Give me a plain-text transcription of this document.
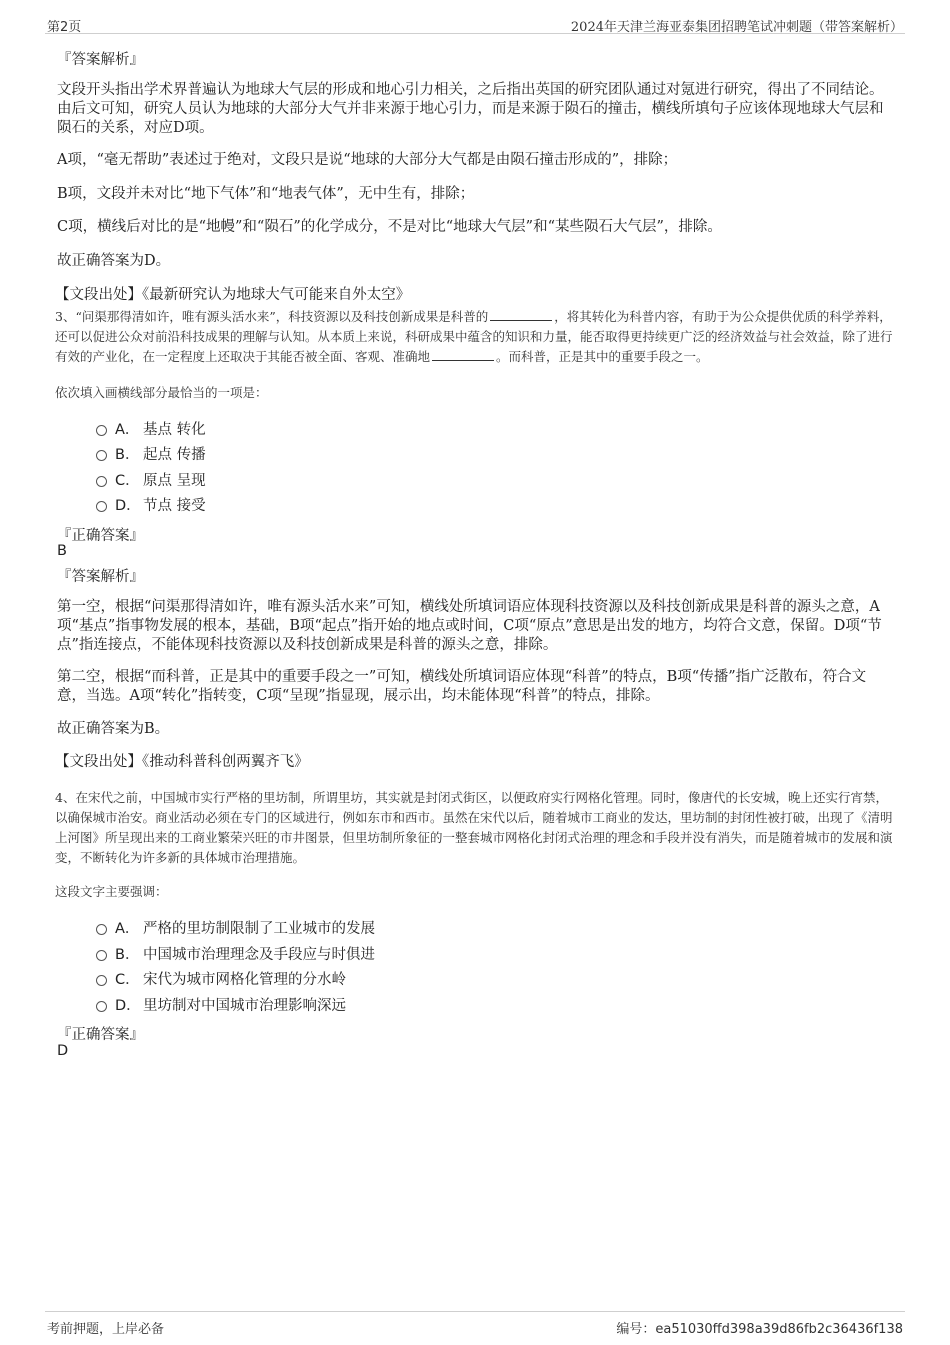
第2页	2024年天津兰海亚泰集团招聘笔试冲刺题（带答案解析）
『答案解析』
文段开头指出学术界普遍认为地球大气层的形成和地心引力相关，之后指出英国的研究团队通过对氪进行研究，得出了不同结论。由后文可知，研究人员认为地球的大部分大气并非来源于地心引力，而是来源于陨石的撞击，横线所填句子应该体现地球大气层和陨石的关系，对应D项。
A项，“毫无帮助”表述过于绝对，文段只是说“地球的大部分大气都是由陨石撞击形成的”，排除；
B项，文段并未对比“地下气体”和“地表气体”，无中生有，排除；
C项，横线后对比的是“地幔”和“陨石”的化学成分，不是对比“地球大气层”和“某些陨石大气层”，排除。
故正确答案为D。
【文段出处】《最新研究认为地球大气可能来自外太空》
3、“问渠那得清如许，唯有源头活水来”，科技资源以及科技创新成果是科普的	，将其转化为科普内容，有助于为公众提供优质的科学养料，还可以促进公众对前沿科技成果的理解与认知。从本质上来说，科研成果中蕴含的知识和力量，能否取得更持续更广泛的经济效益与社会效益，除了进行有效的产业化，在一定程度上还取决于其能否被全面、客观、准确地	。而科普，正是其中的重要手段之一。
依次填入画横线部分最恰当的一项是：
A． 基点 转化
B． 起点 传播
C． 原点 呈现
D． 节点 接受
『正确答案』
B
『答案解析』
第一空，根据“问渠那得清如许，唯有源头活水来”可知，横线处所填词语应体现科技资源以及科技创新成果是科普的源头之意，A项“基点”指事物发展的根本，基础，B项“起点”指开始的地点或时间，C项“原点”意思是出发的地方，均符合文意，保留。D项“节点”指连接点，不能体现科技资源以及科技创新成果是科普的源头之意，排除。
第二空，根据“而科普，正是其中的重要手段之一”可知，横线处所填词语应体现“科普”的特点，B项“传播”指广泛散布，符合文意，当选。A项“转化”指转变，C项“呈现”指显现，展示出，均未能体现“科普”的特点，排除。
故正确答案为B。
【文段出处】《推动科普科创两翼齐飞》
4、在宋代之前，中国城市实行严格的里坊制，所谓里坊，其实就是封闭式街区，以便政府实行网格化管理。同时，像唐代的长安城，晚上还实行宵禁，以确保城市治安。商业活动必须在专门的区域进行，例如东市和西市。虽然在宋代以后，随着城市工商业的发达，里坊制的封闭性被打破，出现了《清明上河图》所呈现出来的工商业繁荣兴旺的市井图景，但里坊制所象征的一整套城市网格化封闭式治理的理念和手段并没有消失，而是随着城市的发展和演变，不断转化为许多新的具体城市治理措施。
这段文字主要强调：
A． 严格的里坊制限制了工业城市的发展
B． 中国城市治理理念及手段应与时俱进
C． 宋代为城市网格化管理的分水岭
D． 里坊制对中国城市治理影响深远
『正确答案』
D
考前押题，上岸必备	编号：ea51030ffd398a39d86fb2c36436f138
